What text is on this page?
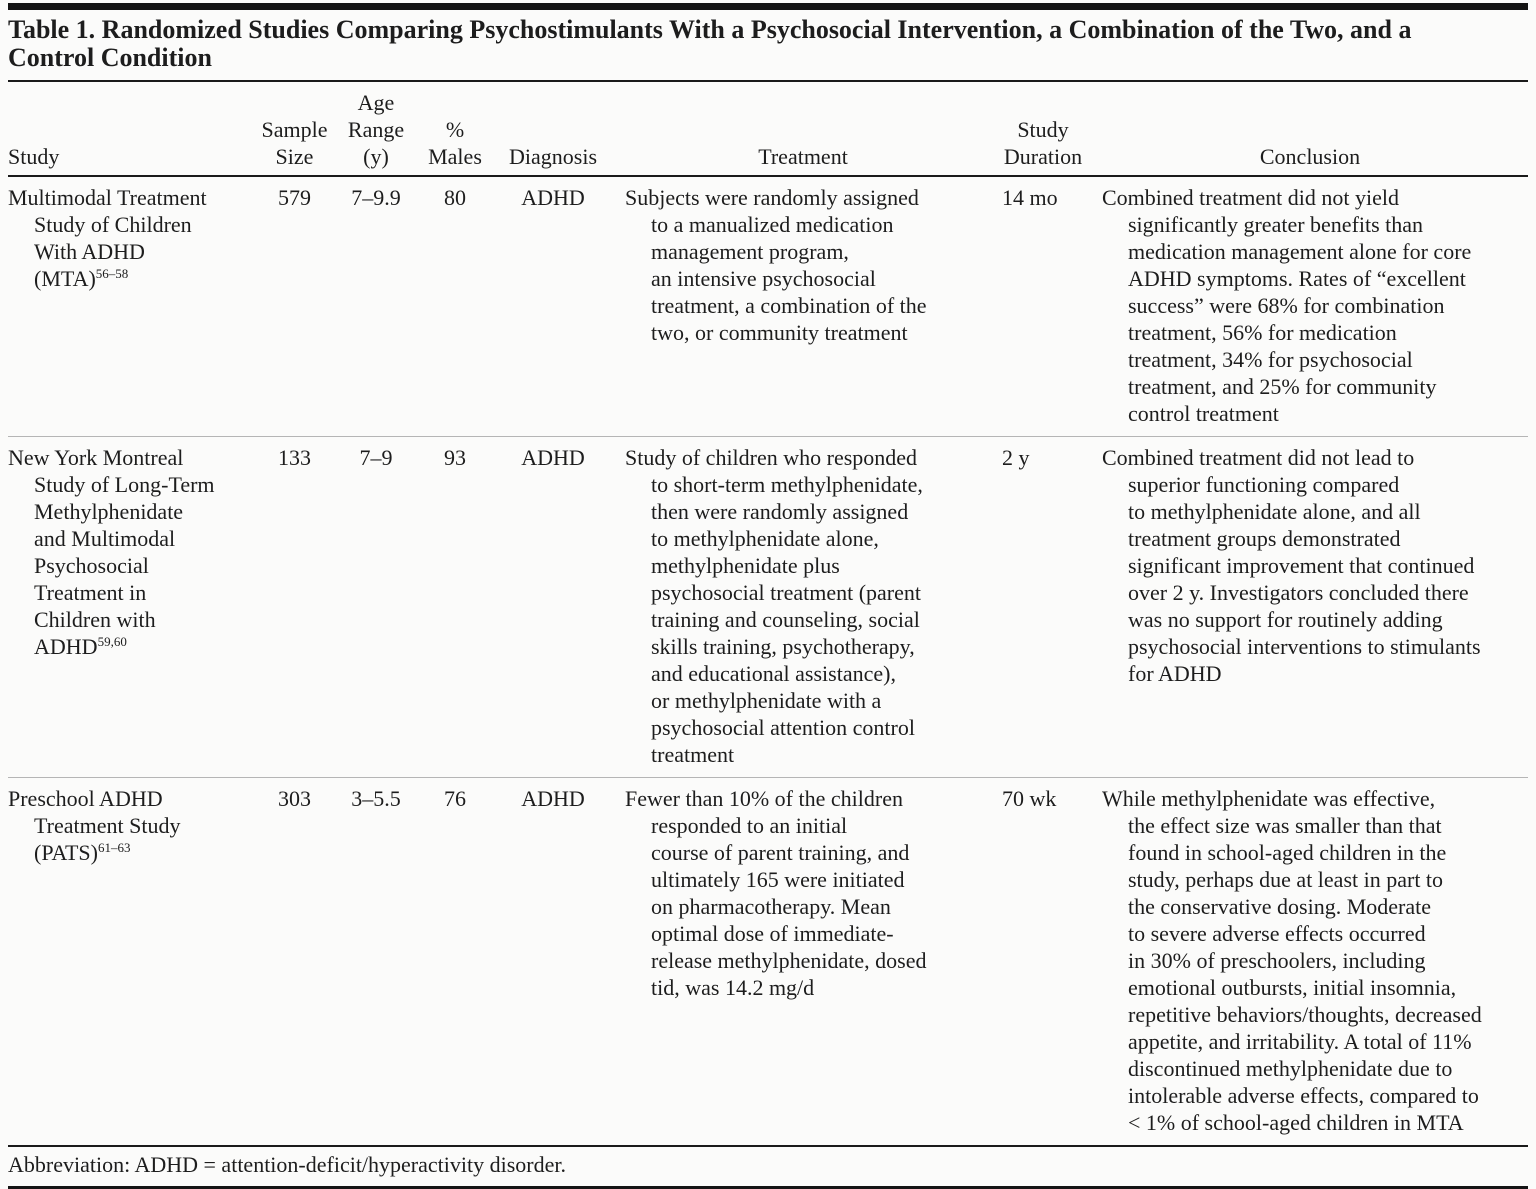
Table 1. Randomized Studies Comparing Psychostimulants With a Psychosocial Intervention, a Combination of the Two, and a
Control Condition
Study	Sample
Size	Age
Range
(y)	%
Males	Diagnosis	Treatment	Study
Duration	Conclusion
Multimodal Treatment
Study of Children
With ADHD
(MTA)$^{56-58}$	579	7–9.9	80	ADHD	Subjects were randomly assigned
to a manualized medication
management program,
an intensive psychosocial
treatment, a combination of the
two, or community treatment	14 mo	Combined treatment did not yield
significantly greater benefits than
medication management alone for core
ADHD symptoms. Rates of “excellent
success” were 68% for combination
treatment, 56% for medication
treatment, 34% for psychosocial
treatment, and 25% for community
control treatment
New York Montreal
Study of Long-Term
Methylphenidate
and Multimodal
Psychosocial
Treatment in
Children with
ADHD$^{59,60}$	133	7–9	93	ADHD	Study of children who responded
to short-term methylphenidate,
then were randomly assigned
to methylphenidate alone,
methylphenidate plus
psychosocial treatment (parent
training and counseling, social
skills training, psychotherapy,
and educational assistance),
or methylphenidate with a
psychosocial attention control
treatment	2 y	Combined treatment did not lead to
superior functioning compared
to methylphenidate alone, and all
treatment groups demonstrated
significant improvement that continued
over 2 y. Investigators concluded there
was no support for routinely adding
psychosocial interventions to stimulants
for ADHD
Preschool ADHD
Treatment Study
(PATS)$^{61-63}$	303	3–5.5	76	ADHD	Fewer than 10% of the children
responded to an initial
course of parent training, and
ultimately 165 were initiated
on pharmacotherapy. Mean
optimal dose of immediate-
release methylphenidate, dosed
tid, was 14.2 mg/d	70 wk	While methylphenidate was effective,
the effect size was smaller than that
found in school-aged children in the
study, perhaps due at least in part to
the conservative dosing. Moderate
to severe adverse effects occurred
in 30% of preschoolers, including
emotional outbursts, initial insomnia,
repetitive behaviors/thoughts, decreased
appetite, and irritability. A total of 11%
discontinued methylphenidate due to
intolerable adverse effects, compared to
< 1% of school-aged children in MTA
Abbreviation: ADHD = attention-deficit/hyperactivity disorder.
